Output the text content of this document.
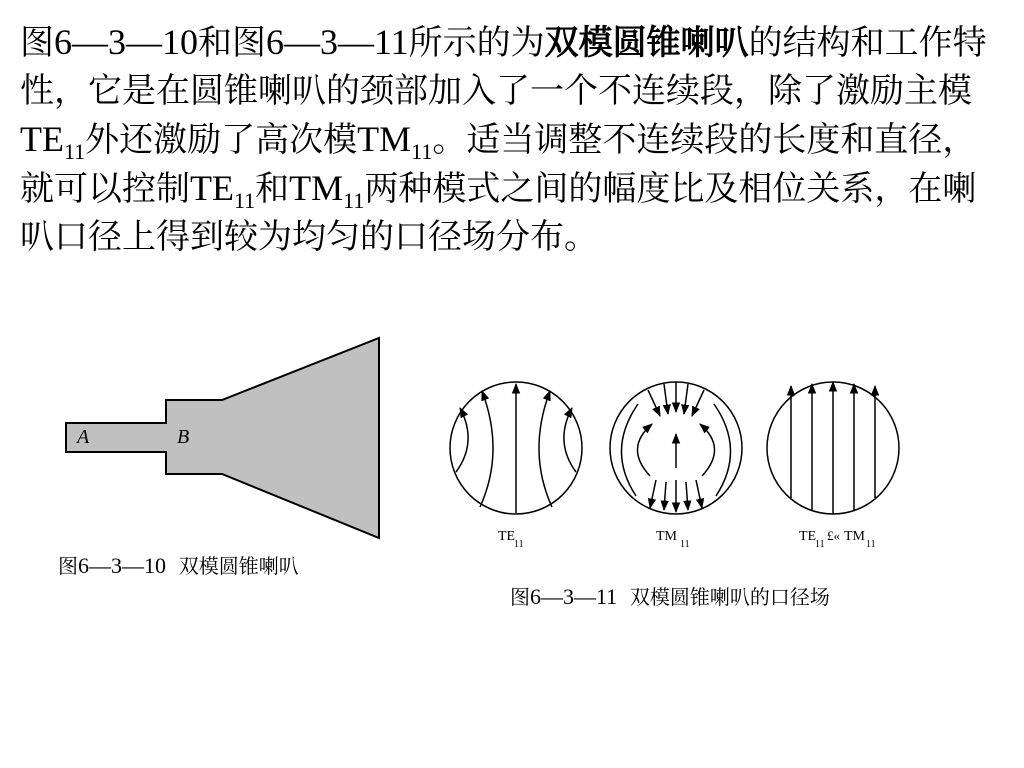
图6—3—10和图6—3—11所示的为双模圆锥喇叭的结构和工作特性，它是在圆锥喇叭的颈部加入了一个不连续段，除了激励主模$TE_{11}$外还激励了高次模$TM_{11}$。适当调整不连续段的长度和直径，就可以控制$TE_{11}$和$TM_{11}$两种模式之间的幅度比及相位关系，在喇叭口径上得到较为均匀的口径场分布。
A	B
图6—3—10 双模圆锥喇叭
TE
11
TM
11
TE
11
£« TM
11
图6—3—11 双模圆锥喇叭的口径场
